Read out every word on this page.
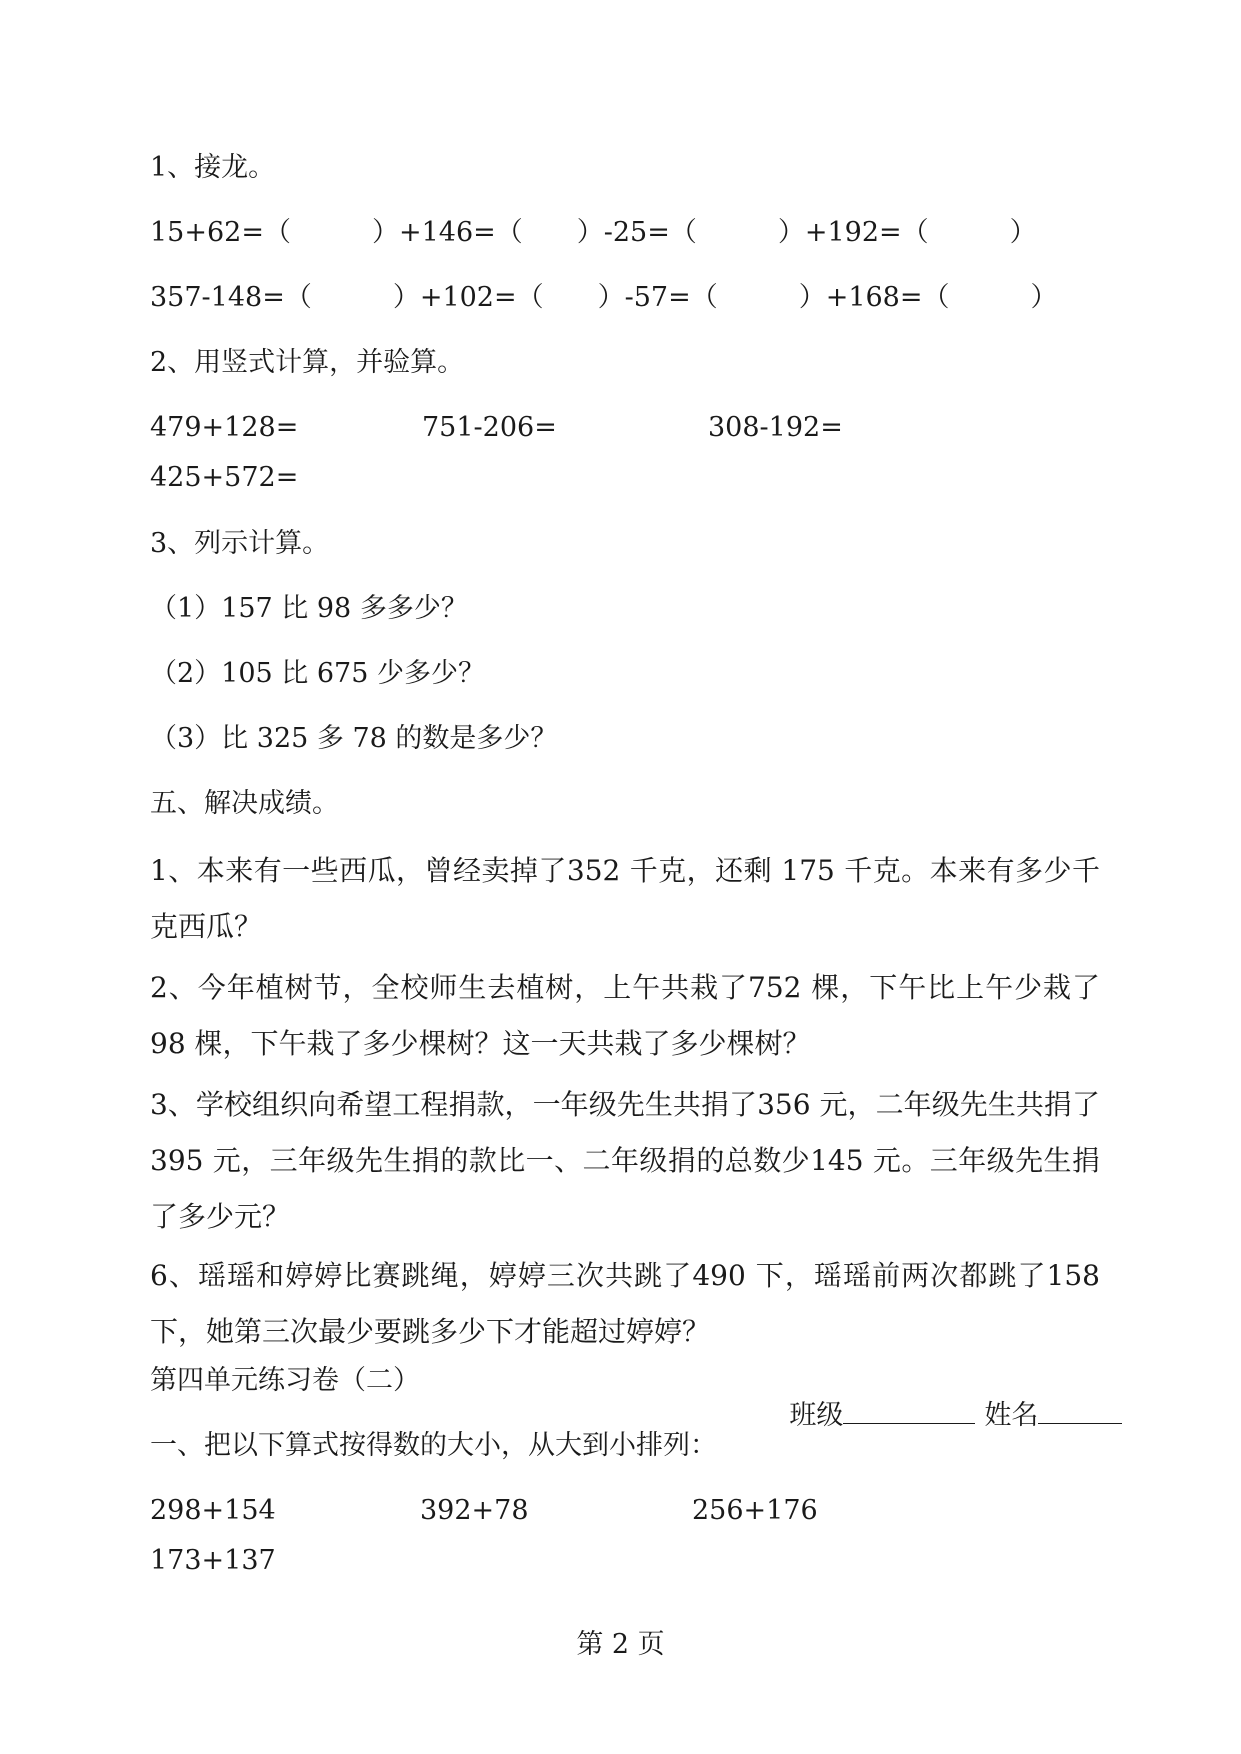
1、接龙。
15+62=（　　　）+146=（　　）-25=（　　　）+192=（　　　）
357-148=（　　　）+102=（　　）-57=（　　　）+168=（　　　）
2、用竖式计算，并验算。
479+128=	751-206=	308-192=
425+572=
3、列示计算。
（1）157 比 98 多多少？
（2）105 比 675 少多少？
（3）比 325 多 78 的数是多少？
五、解决成绩。
1、本来有一些西瓜，曾经卖掉了352 千克，还剩 175 千克。本来有多少千克西瓜？
2、今年植树节，全校师生去植树，上午共栽了752 棵，下午比上午少栽了 98 棵，下午栽了多少棵树？这一天共栽了多少棵树？
3、学校组织向希望工程捐款，一年级先生共捐了356 元，二年级先生共捐了 395 元，三年级先生捐的款比一、二年级捐的总数少145 元。三年级先生捐了多少元？
6、瑶瑶和婷婷比赛跳绳，婷婷三次共跳了490 下，瑶瑶前两次都跳了158 下，她第三次最少要跳多少下才能超过婷婷？
第四单元练习卷（二）

班级
	姓名

一、把以下算式按得数的大小，从大到小排列：
298+154	392+78	256+176
173+137
第 2 页
